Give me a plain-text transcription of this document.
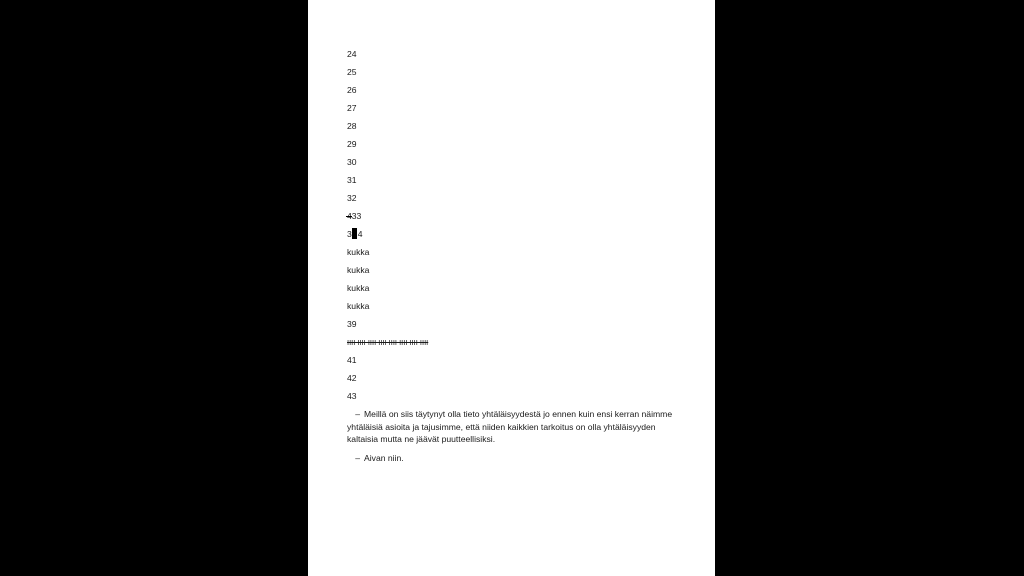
24
25
26
27
28
29
30
31
32
33
3 4
kukka
kukka
kukka
kukka
39
IIII IIII IIII IIII IIII IIII IIII IIII
41
42
43
– Meillä on siis täytynyt olla tieto yhtäläisyydestä jo ennen kuin ensi kerran näimme yhtäläisiä asioita ja tajusimme, että niiden kaikkien tarkoitus on olla yhtäläisyyden kaltaisia mutta ne jäävät puutteellisiksi.
– Aivan niin.
